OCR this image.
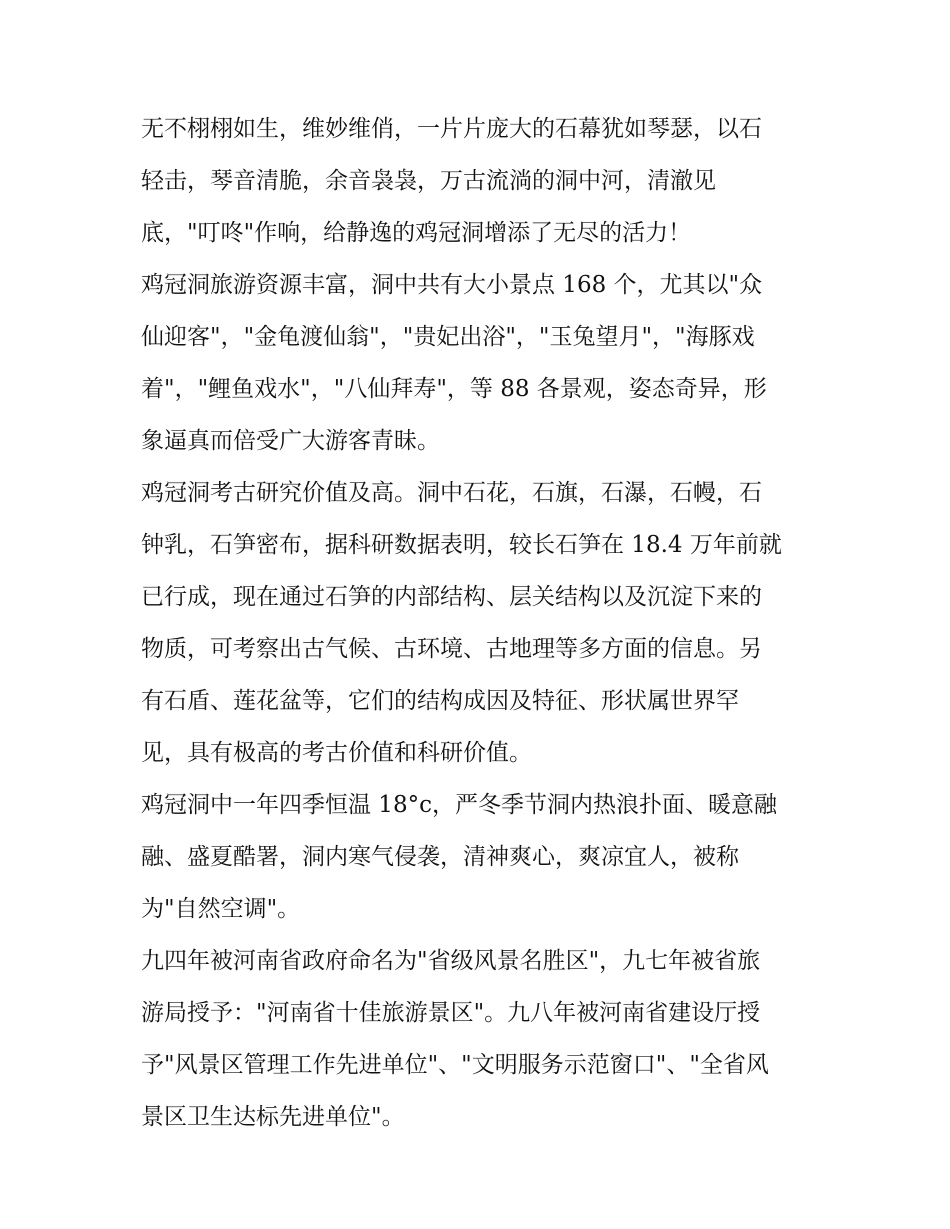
无不栩栩如生，维妙维俏，一片片庞大的石幕犹如琴瑟，以石
轻击，琴音清脆，余音袅袅，万古流淌的洞中河，清澈见
底，"叮咚"作响，给静逸的鸡冠洞增添了无尽的活力！
鸡冠洞旅游资源丰富，洞中共有大小景点 168 个，尤其以"众
仙迎客"，"金龟渡仙翁"，"贵妃出浴"，"玉兔望月"，"海豚戏
着"，"鲤鱼戏水"，"八仙拜寿"，等 88 各景观，姿态奇异，形
象逼真而倍受广大游客青昧。
鸡冠洞考古研究价值及高。洞中石花，石旗，石瀑，石幔，石
钟乳，石笋密布，据科研数据表明，较长石笋在 18.4 万年前就
已行成，现在通过石笋的内部结构、层关结构以及沉淀下来的
物质，可考察出古气候、古环境、古地理等多方面的信息。另
有石盾、莲花盆等，它们的结构成因及特征、形状属世界罕
见，具有极高的考古价值和科研价值。
鸡冠洞中一年四季恒温 18°c，严冬季节洞内热浪扑面、暖意融
融、盛夏酷署，洞内寒气侵袭，清神爽心，爽凉宜人，被称
为"自然空调"。
九四年被河南省政府命名为"省级风景名胜区"，九七年被省旅
游局授予："河南省十佳旅游景区"。九八年被河南省建设厅授
予"风景区管理工作先进单位"、"文明服务示范窗口"、"全省风
景区卫生达标先进单位"。
